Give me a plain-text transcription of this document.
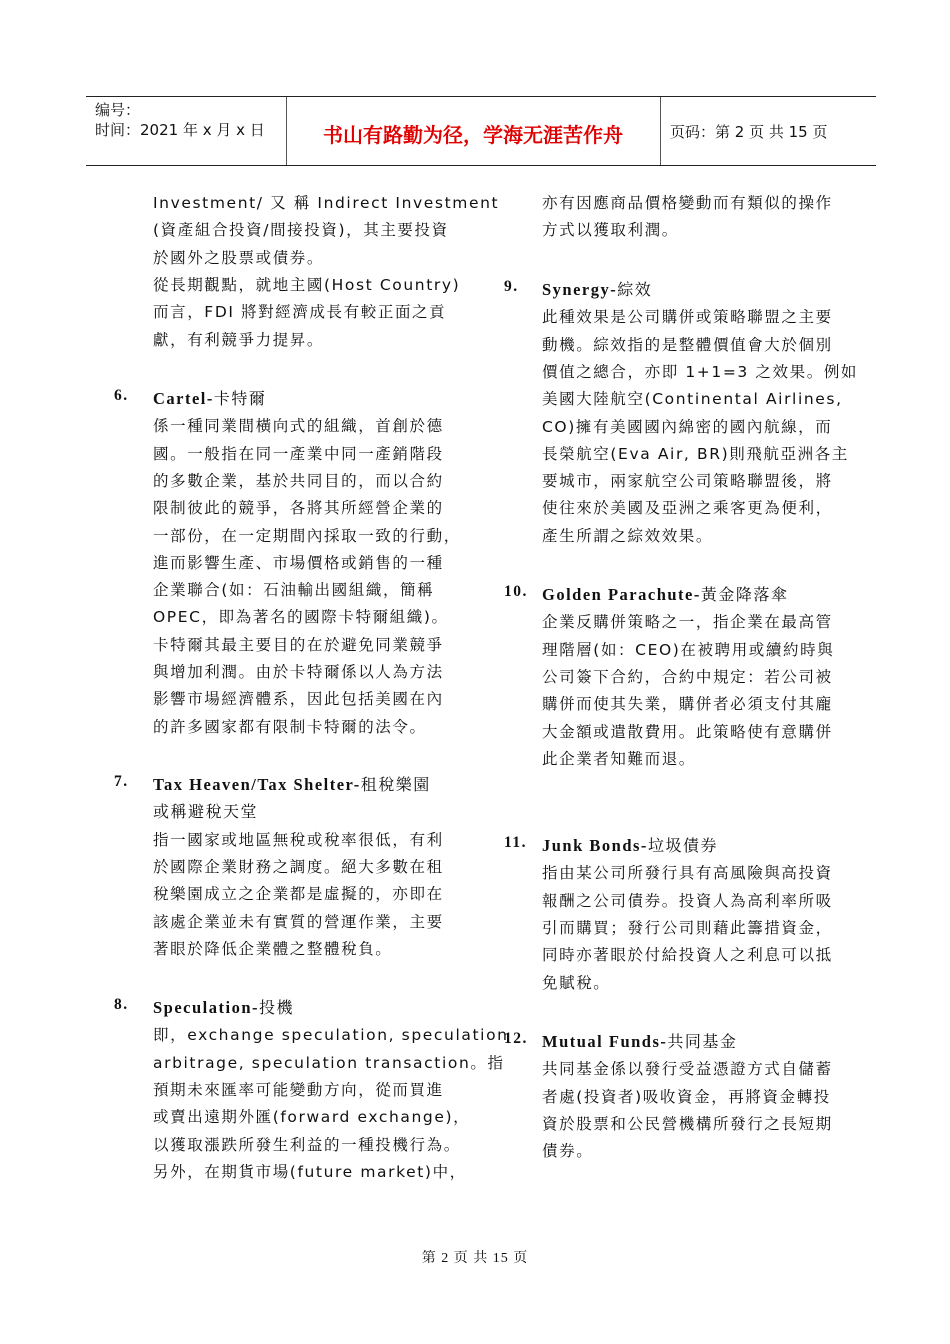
编号：
时间：2021 年 x 月 x 日	书山有路勤为径，学海无涯苦作舟	页码：第 2 页 共 15 页
Investment/ 又 稱 Indirect Investment
(資產組合投資/間接投資)，其主要投資
於國外之股票或債券。
從長期觀點，就地主國(Host Country)
而言，FDI 將對經濟成長有較正面之貢
獻，有利競爭力提昇。
6. Cartel-卡特爾
係一種同業間橫向式的組織，首創於德
國。一般指在同一產業中同一產銷階段
的多數企業，基於共同目的，而以合約
限制彼此的競爭，各將其所經營企業的
一部份，在一定期間內採取一致的行動，
進而影響生產、市場價格或銷售的一種
企業聯合(如：石油輸出國組織，簡稱
OPEC，即為著名的國際卡特爾組織)。
卡特爾其最主要目的在於避免同業競爭
與增加利潤。由於卡特爾係以人為方法
影響市場經濟體系，因此包括美國在內
的許多國家都有限制卡特爾的法令。
7. Tax Heaven/Tax Shelter-租稅樂園
或稱避稅天堂
指一國家或地區無稅或稅率很低，有利
於國際企業財務之調度。絕大多數在租
稅樂園成立之企業都是虛擬的，亦即在
該處企業並未有實質的營運作業，主要
著眼於降低企業體之整體稅負。
8. Speculation-投機
即，exchange speculation, speculation
arbitrage, speculation transaction。指
預期未來匯率可能變動方向，從而買進
或賣出遠期外匯(forward exchange)，
以獲取漲跌所發生利益的一種投機行為。
另外，在期貨市場(future market)中，
亦有因應商品價格變動而有類似的操作
方式以獲取利潤。
9. Synergy-綜效
此種效果是公司購併或策略聯盟之主要
動機。綜效指的是整體價值會大於個別
價值之總合，亦即 1+1=3 之效果。例如
美國大陸航空(Continental Airlines,
CO)擁有美國國內綿密的國內航線，而
長榮航空(Eva Air, BR)則飛航亞洲各主
要城市，兩家航空公司策略聯盟後，將
使往來於美國及亞洲之乘客更為便利，
產生所謂之綜效效果。
10. Golden Parachute-黃金降落傘
企業反購併策略之一，指企業在最高管
理階層(如：CEO)在被聘用或續約時與
公司簽下合約，合約中規定：若公司被
購併而使其失業，購併者必須支付其龐
大金額或遣散費用。此策略使有意購併
此企業者知難而退。
11. Junk Bonds-垃圾債券
指由某公司所發行具有高風險與高投資
報酬之公司債券。投資人為高利率所吸
引而購買；發行公司則藉此籌措資金，
同時亦著眼於付給投資人之利息可以抵
免賦稅。
12. Mutual Funds-共同基金
共同基金係以發行受益憑證方式自儲蓄
者處(投資者)吸收資金，再將資金轉投
資於股票和公民營機構所發行之長短期
債券。
第 2 页 共 15 页
